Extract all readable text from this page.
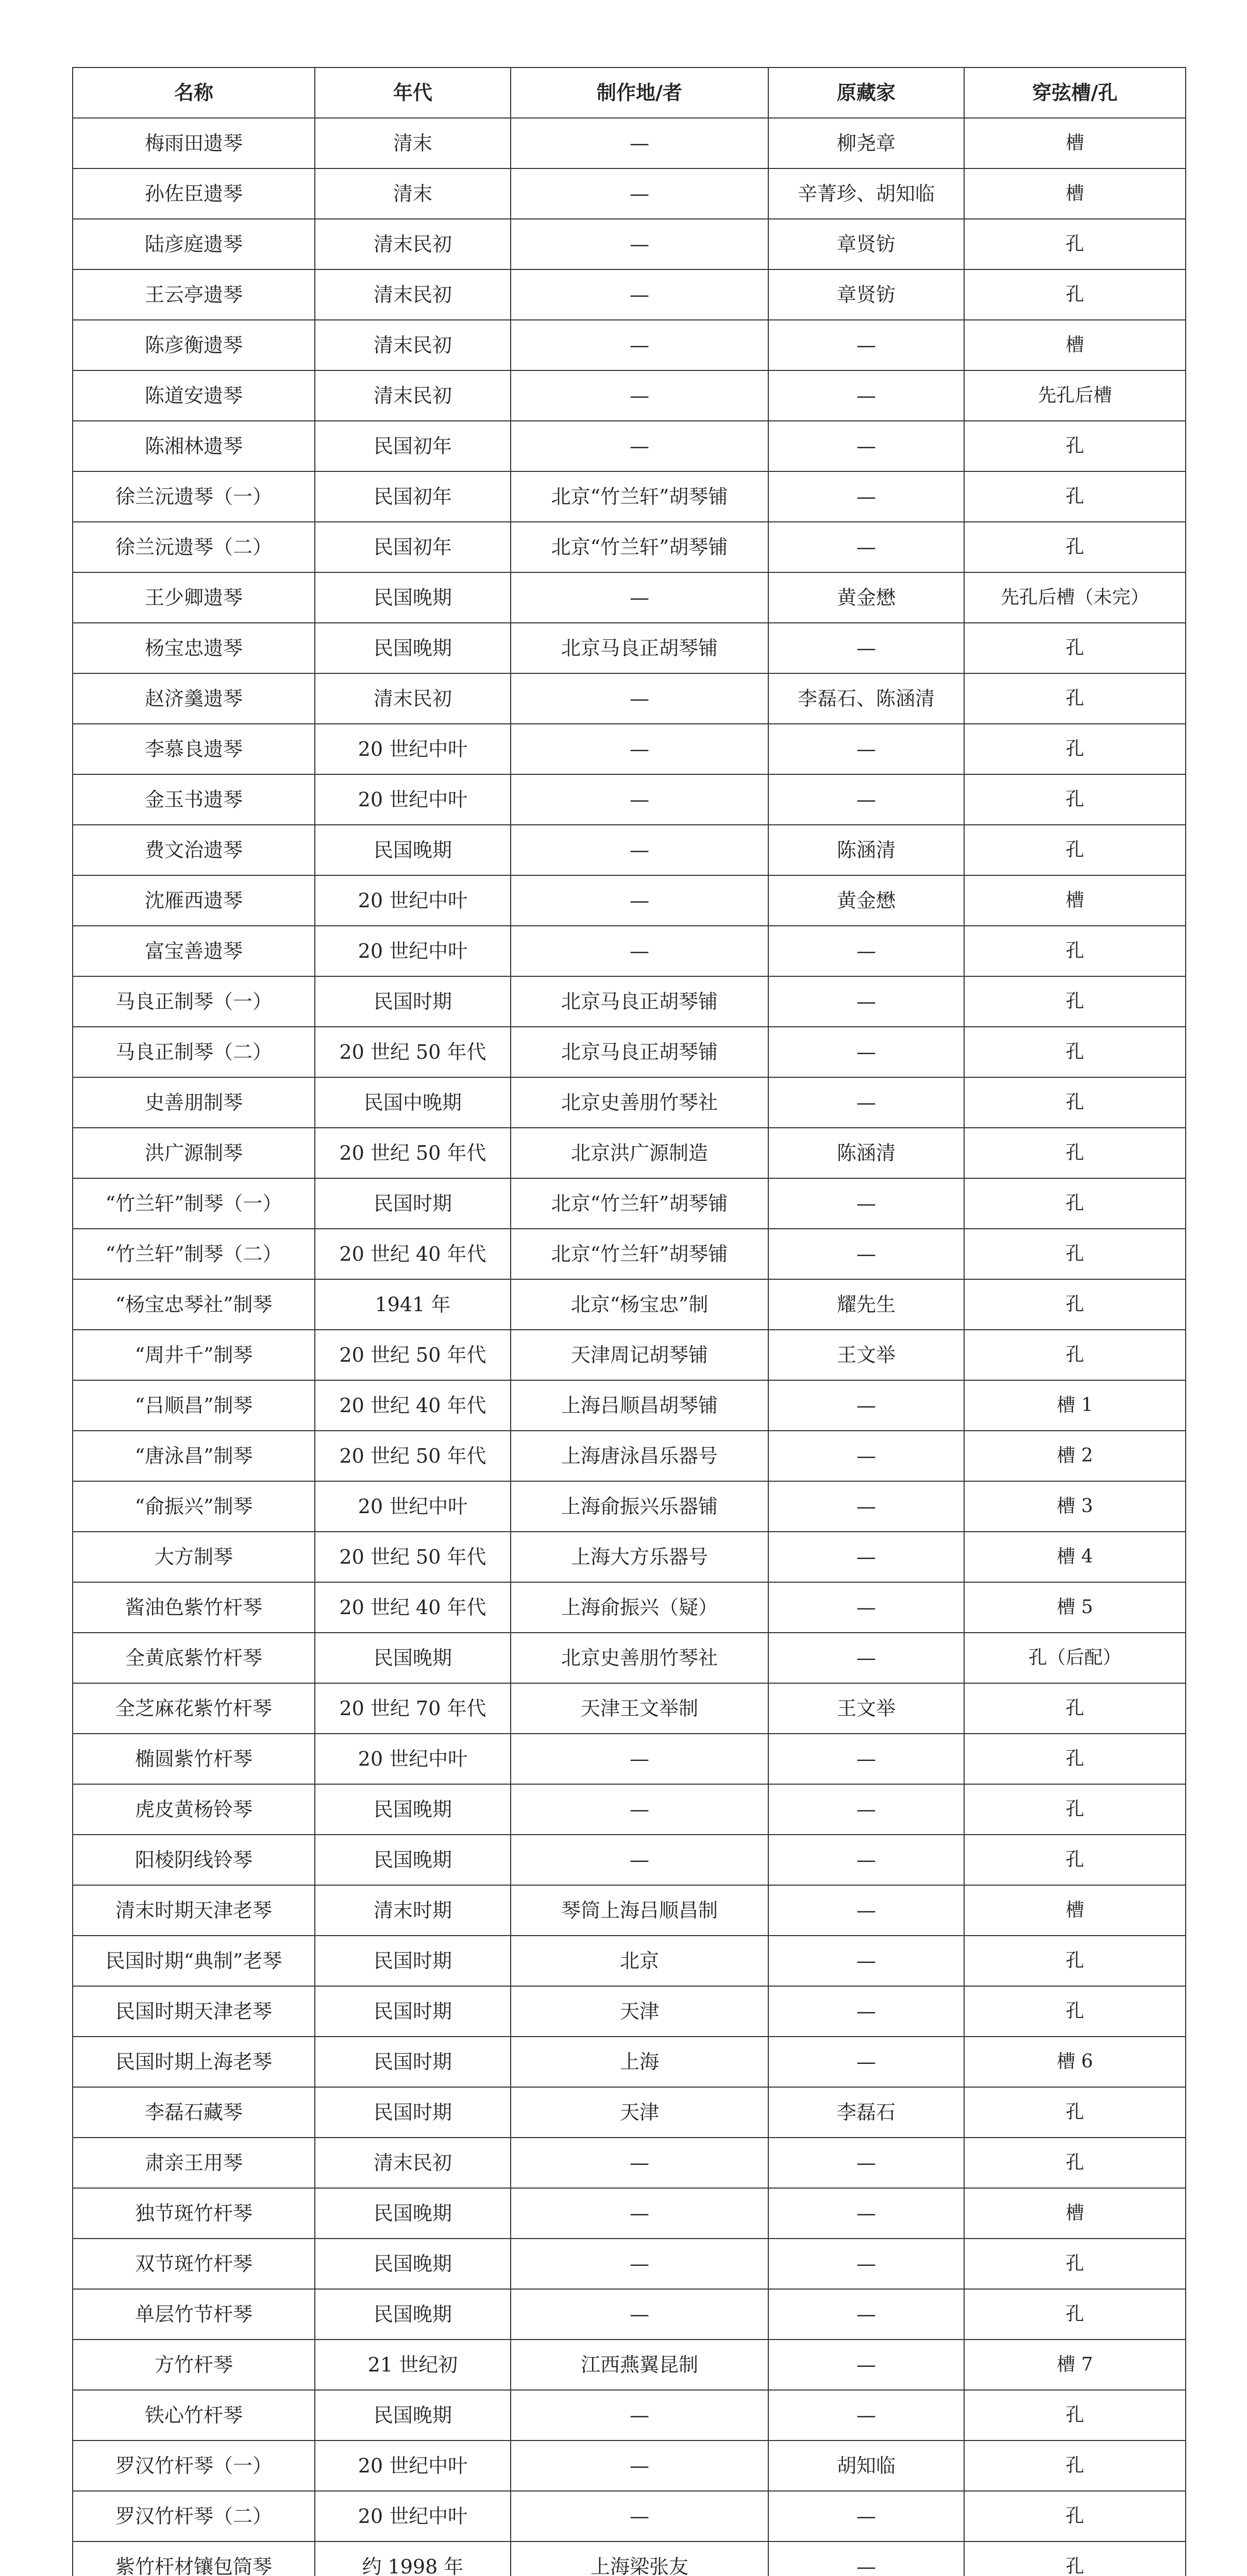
名称	年代	制作地/者	原藏家	穿弦槽/孔
梅雨田遗琴	清末	—	柳尧章	槽
孙佐臣遗琴	清末	—	辛菁珍、胡知临	槽
陆彦庭遗琴	清末民初	—	章贤钫	孔
王云亭遗琴	清末民初	—	章贤钫	孔
陈彦衡遗琴	清末民初	—	—	槽
陈道安遗琴	清末民初	—	—	先孔后槽
陈湘林遗琴	民国初年	—	—	孔
徐兰沅遗琴（一）	民国初年	北京“竹兰轩”胡琴铺	—	孔
徐兰沅遗琴（二）	民国初年	北京“竹兰轩”胡琴铺	—	孔
王少卿遗琴	民国晚期	—	黄金懋	先孔后槽（未完）
杨宝忠遗琴	民国晚期	北京马良正胡琴铺	—	孔
赵济羹遗琴	清末民初	—	李磊石、陈涵清	孔
李慕良遗琴	20 世纪中叶	—	—	孔
金玉书遗琴	20 世纪中叶	—	—	孔
费文治遗琴	民国晚期	—	陈涵清	孔
沈雁西遗琴	20 世纪中叶	—	黄金懋	槽
富宝善遗琴	20 世纪中叶	—	—	孔
马良正制琴（一）	民国时期	北京马良正胡琴铺	—	孔
马良正制琴（二）	20 世纪 50 年代	北京马良正胡琴铺	—	孔
史善朋制琴	民国中晚期	北京史善朋竹琴社	—	孔
洪广源制琴	20 世纪 50 年代	北京洪广源制造	陈涵清	孔
“竹兰轩”制琴（一）	民国时期	北京“竹兰轩”胡琴铺	—	孔
“竹兰轩”制琴（二）	20 世纪 40 年代	北京“竹兰轩”胡琴铺	—	孔
“杨宝忠琴社”制琴	1941 年	北京“杨宝忠”制	耀先生	孔
“周井千”制琴	20 世纪 50 年代	天津周记胡琴铺	王文举	孔
“吕顺昌”制琴	20 世纪 40 年代	上海吕顺昌胡琴铺	—	槽 1
“唐泳昌”制琴	20 世纪 50 年代	上海唐泳昌乐器号	—	槽 2
“俞振兴”制琴	20 世纪中叶	上海俞振兴乐器铺	—	槽 3
大方制琴	20 世纪 50 年代	上海大方乐器号	—	槽 4
酱油色紫竹杆琴	20 世纪 40 年代	上海俞振兴（疑）	—	槽 5
全黄底紫竹杆琴	民国晚期	北京史善朋竹琴社	—	孔（后配）
全芝麻花紫竹杆琴	20 世纪 70 年代	天津王文举制	王文举	孔
椭圆紫竹杆琴	20 世纪中叶	—	—	孔
虎皮黄杨铃琴	民国晚期	—	—	孔
阳棱阴线铃琴	民国晚期	—	—	孔
清末时期天津老琴	清末时期	琴筒上海吕顺昌制	—	槽
民国时期“典制”老琴	民国时期	北京	—	孔
民国时期天津老琴	民国时期	天津	—	孔
民国时期上海老琴	民国时期	上海	—	槽 6
李磊石藏琴	民国时期	天津	李磊石	孔
肃亲王用琴	清末民初	—	—	孔
独节斑竹杆琴	民国晚期	—	—	槽
双节斑竹杆琴	民国晚期	—	—	孔
单层竹节杆琴	民国晚期	—	—	孔
方竹杆琴	21 世纪初	江西燕翼昆制	—	槽 7
铁心竹杆琴	民国晚期	—	—	孔
罗汉竹杆琴（一）	20 世纪中叶	—	胡知临	孔
罗汉竹杆琴（二）	20 世纪中叶	—	—	孔
紫竹杆材镶包筒琴	约 1998 年	上海梁张友	—	孔
